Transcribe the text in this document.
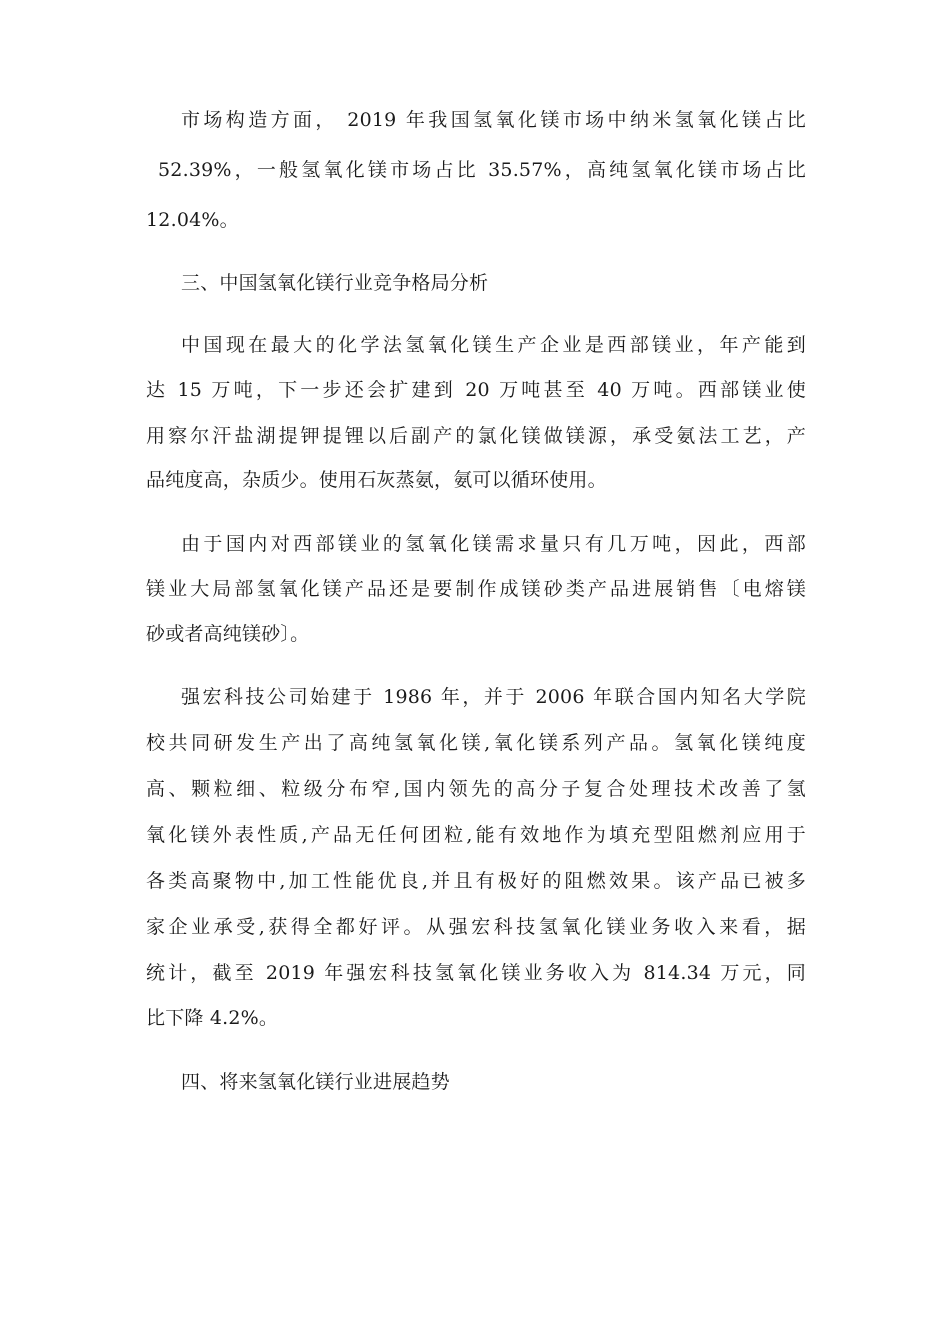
市场构造方面， 2019 年我国氢氧化镁市场中纳米氢氧化镁占比
52.39%，一般氢氧化镁市场占比 35.57%，高纯氢氧化镁市场占比
12.04%。
三、中国氢氧化镁行业竞争格局分析
中国现在最大的化学法氢氧化镁生产企业是西部镁业，年产能到
达 15 万吨，下一步还会扩建到 20 万吨甚至 40 万吨。西部镁业使
用察尔汗盐湖提钾提锂以后副产的氯化镁做镁源，承受氨法工艺，产
品纯度高，杂质少。使用石灰蒸氨，氨可以循环使用。
由于国内对西部镁业的氢氧化镁需求量只有几万吨，因此，西部
镁业大局部氢氧化镁产品还是要制作成镁砂类产品进展销售〔电熔镁
砂或者高纯镁砂〕。
强宏科技公司始建于 1986 年，并于 2006 年联合国内知名大学院
校共同研发生产出了高纯氢氧化镁,氧化镁系列产品。氢氧化镁纯度
高、颗粒细、粒级分布窄,国内领先的高分子复合处理技术改善了氢
氧化镁外表性质,产品无任何团粒,能有效地作为填充型阻燃剂应用于
各类高聚物中,加工性能优良,并且有极好的阻燃效果。该产品已被多
家企业承受,获得全都好评。从强宏科技氢氧化镁业务收入来看，据
统计，截至 2019 年强宏科技氢氧化镁业务收入为 814.34 万元，同
比下降 4.2%。
四、将来氢氧化镁行业进展趋势
